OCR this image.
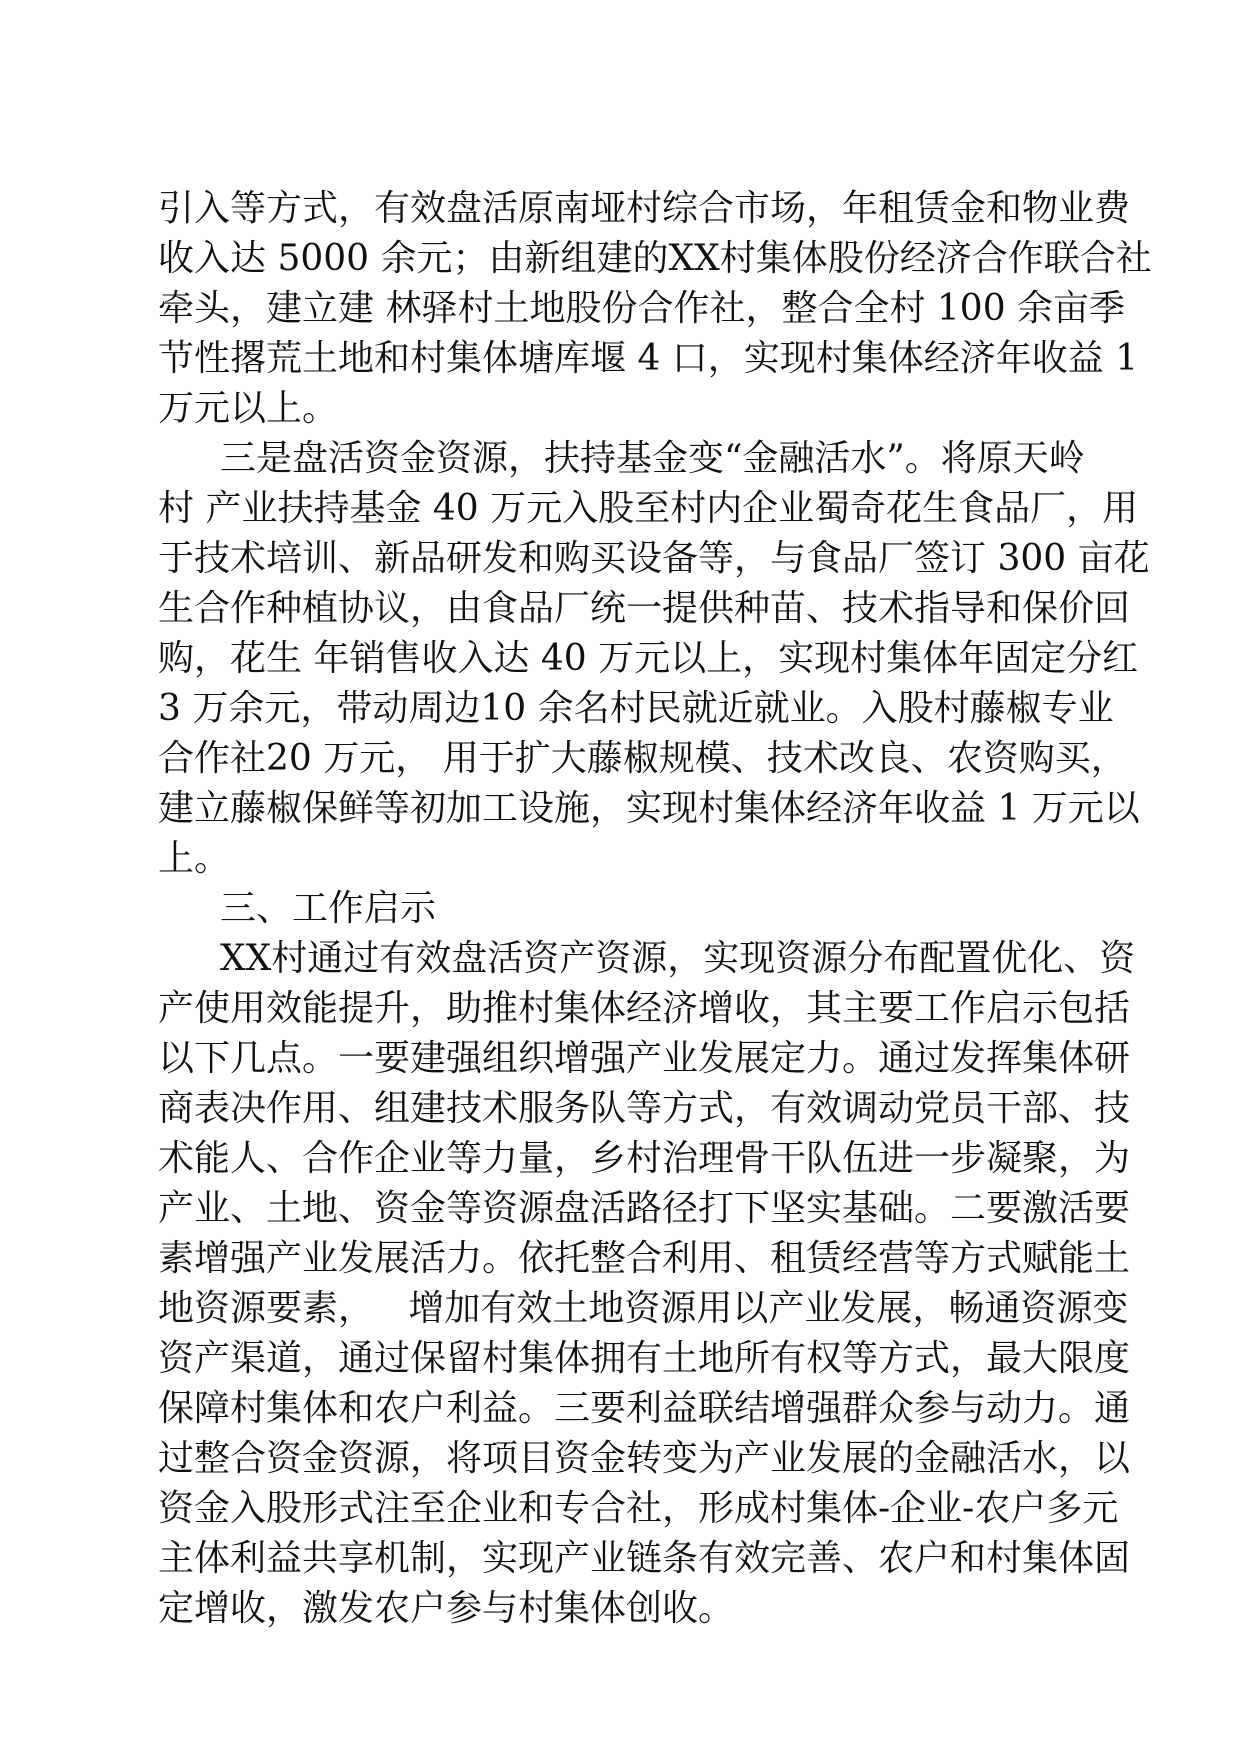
引入等方式，有效盘活原南垭村综合市场，年租赁金和物业费
收入达 5000 余元；由新组建的XX村集体股份经济合作联合社
牵头，建立建 林驿村土地股份合作社，整合全村 100 余亩季
节性撂荒土地和村集体塘库堰 4 口，实现村集体经济年收益 1
万元以上。
三是盘活资金资源，扶持基金变“金融活水”。将原天岭
村 产业扶持基金 40 万元入股至村内企业蜀奇花生食品厂，用
于技术培训、新品研发和购买设备等，与食品厂签订 300 亩花
生合作种植协议，由食品厂统一提供种苗、技术指导和保价回
购，花生 年销售收入达 40 万元以上，实现村集体年固定分红
3 万余元，带动周边10 余名村民就近就业。入股村藤椒专业
合作社20 万元， 用于扩大藤椒规模、技术改良、农资购买，
建立藤椒保鲜等初加工设施，实现村集体经济年收益 1 万元以
上。
三、工作启示
XX村通过有效盘活资产资源，实现资源分布配置优化、资
产使用效能提升，助推村集体经济增收，其主要工作启示包括
以下几点。一要建强组织增强产业发展定力。通过发挥集体研
商表决作用、组建技术服务队等方式，有效调动党员干部、技
术能人、合作企业等力量，乡村治理骨干队伍进一步凝聚，为
产业、土地、资金等资源盘活路径打下坚实基础。二要激活要
素增强产业发展活力。依托整合利用、租赁经营等方式赋能土
地资源要素，   增加有效土地资源用以产业发展，畅通资源变
资产渠道，通过保留村集体拥有土地所有权等方式，最大限度
保障村集体和农户利益。三要利益联结增强群众参与动力。通
过整合资金资源，将项目资金转变为产业发展的金融活水，以
资金入股形式注至企业和专合社，形成村集体-企业-农户多元
主体利益共享机制，实现产业链条有效完善、农户和村集体固
定增收，激发农户参与村集体创收。
